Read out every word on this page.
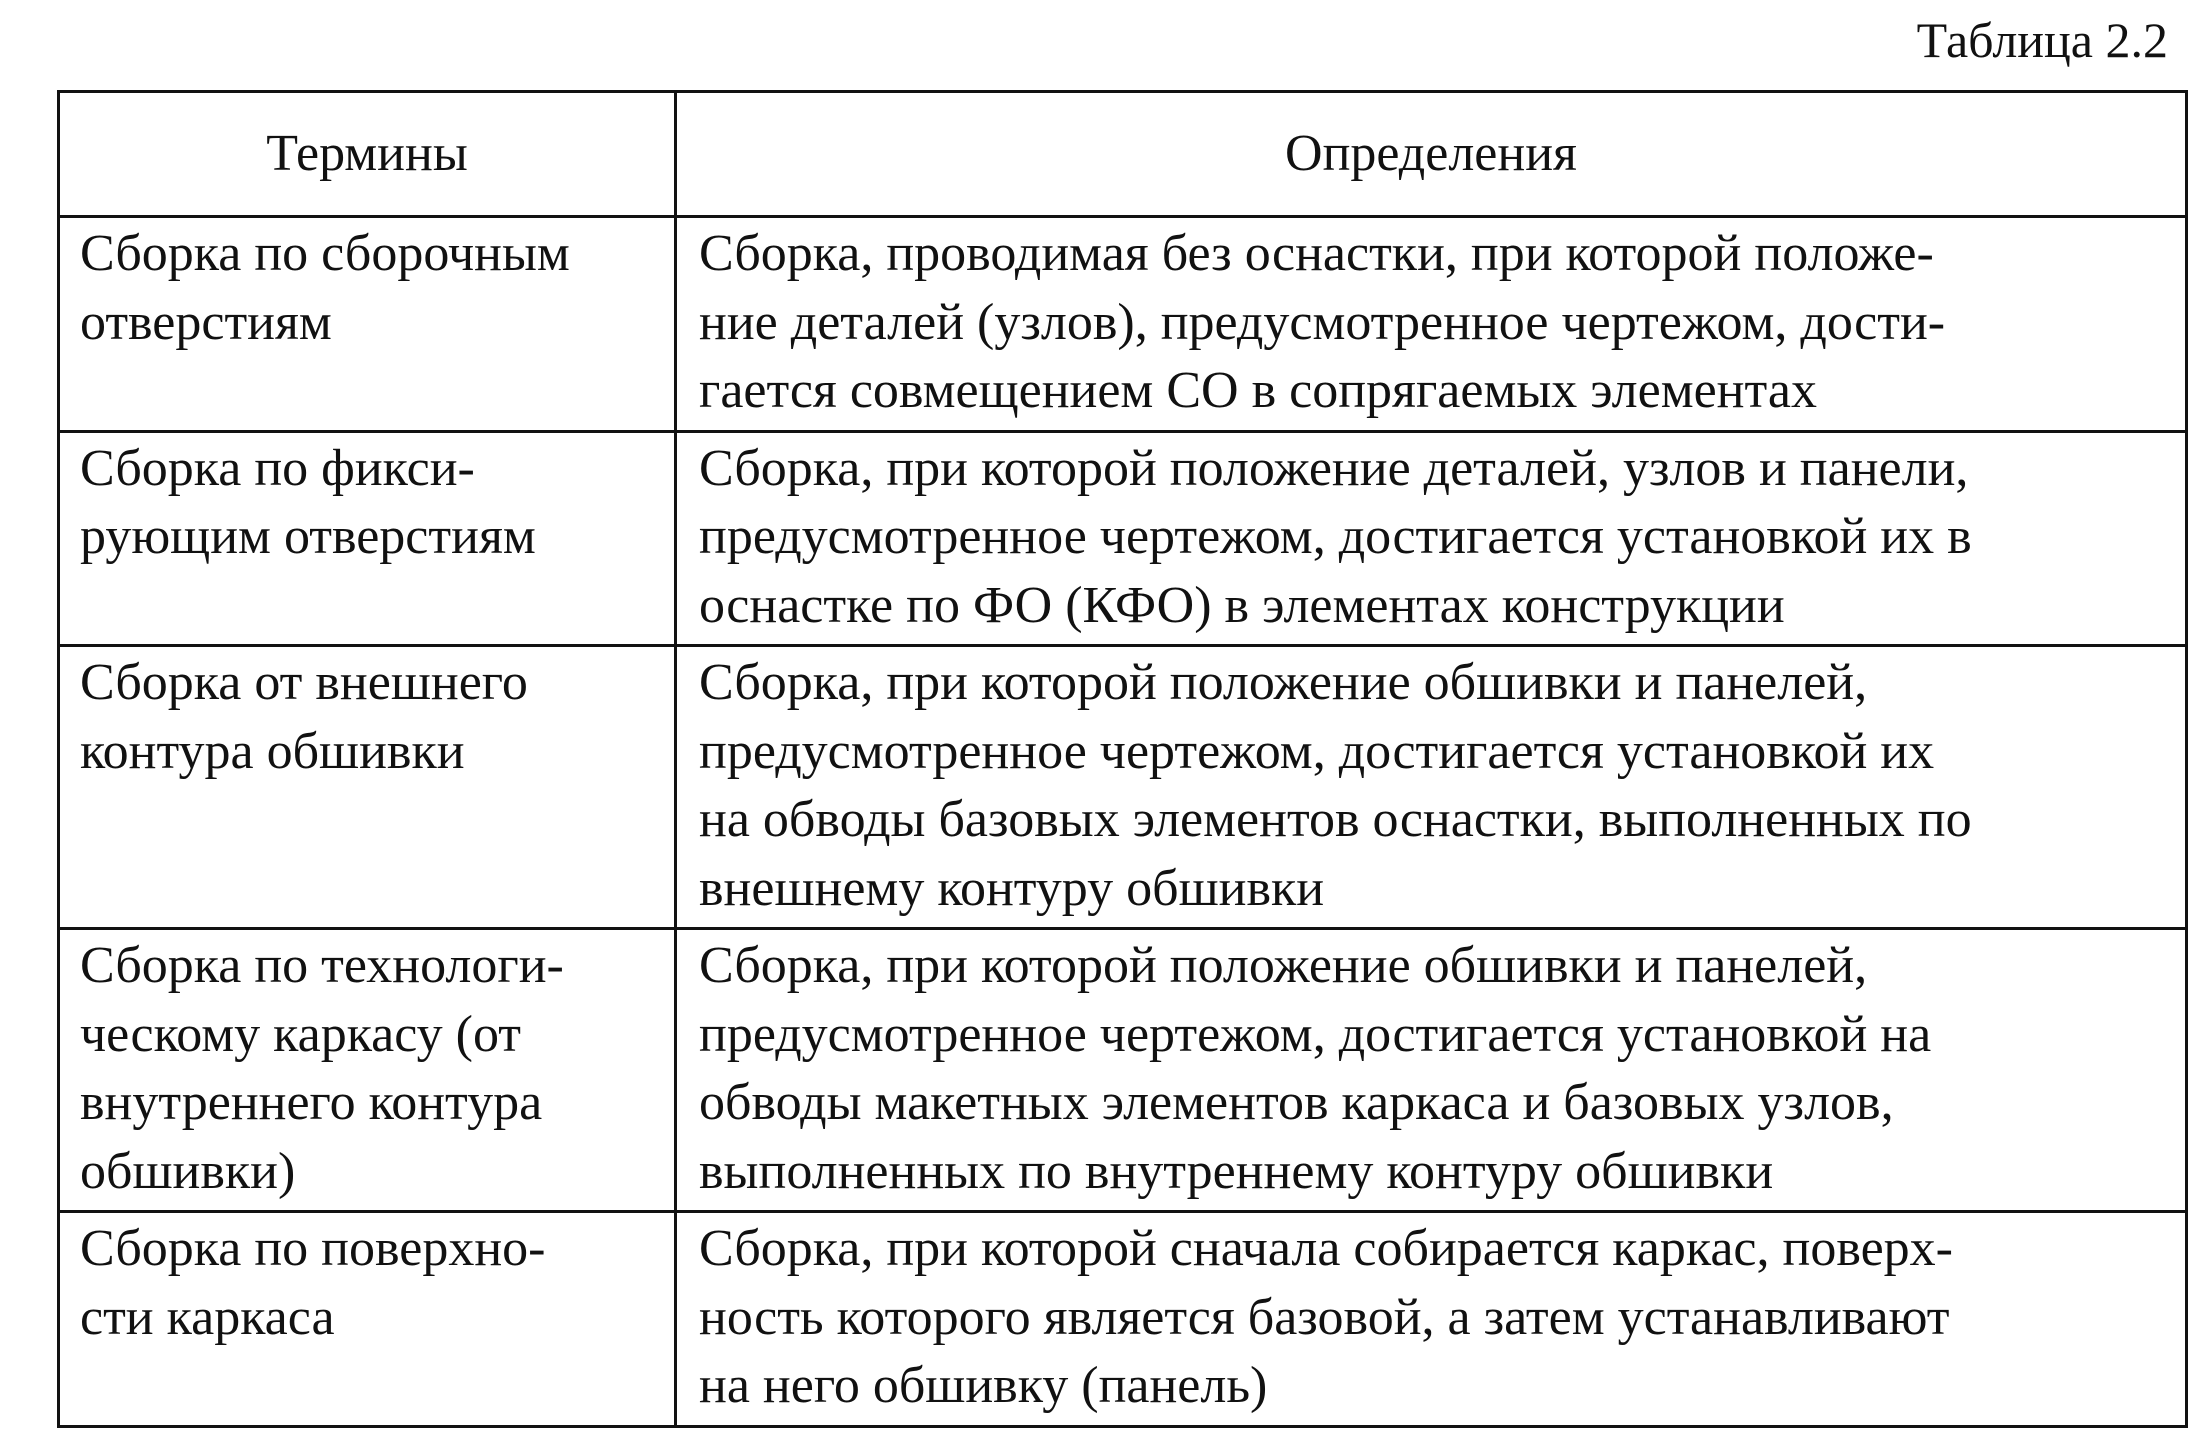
Таблица 2.2
Термины	Определения

Сборка по сборочным
отверстиям	Сборка, проводимая без оснастки, при которой положе-
ние деталей (узлов), предусмотренное чертежом, дости-
гается совмещением СО в сопрягаемых элементах

Сборка по фикси-
рующим отверстиям	Сборка, при которой положение деталей, узлов и панели,
предусмотренное чертежом, достигается установкой их в
оснастке по ФО (КФО) в элементах конструкции

Сборка от внешнего
контура обшивки	Сборка, при которой положение обшивки и панелей,
предусмотренное чертежом, достигается установкой их
на обводы базовых элементов оснастки, выполненных по
внешнему контуру обшивки

Сборка по технологи-
ческому каркасу (от
внутреннего контура
обшивки)	Сборка, при которой положение обшивки и панелей,
предусмотренное чертежом, достигается установкой на
обводы макетных элементов каркаса и базовых узлов,
выполненных по внутреннему контуру обшивки

Сборка по поверхно-
сти каркаса	Сборка, при которой сначала собирается каркас, поверх-
ность которого является базовой, а затем устанавливают
на него обшивку (панель)
